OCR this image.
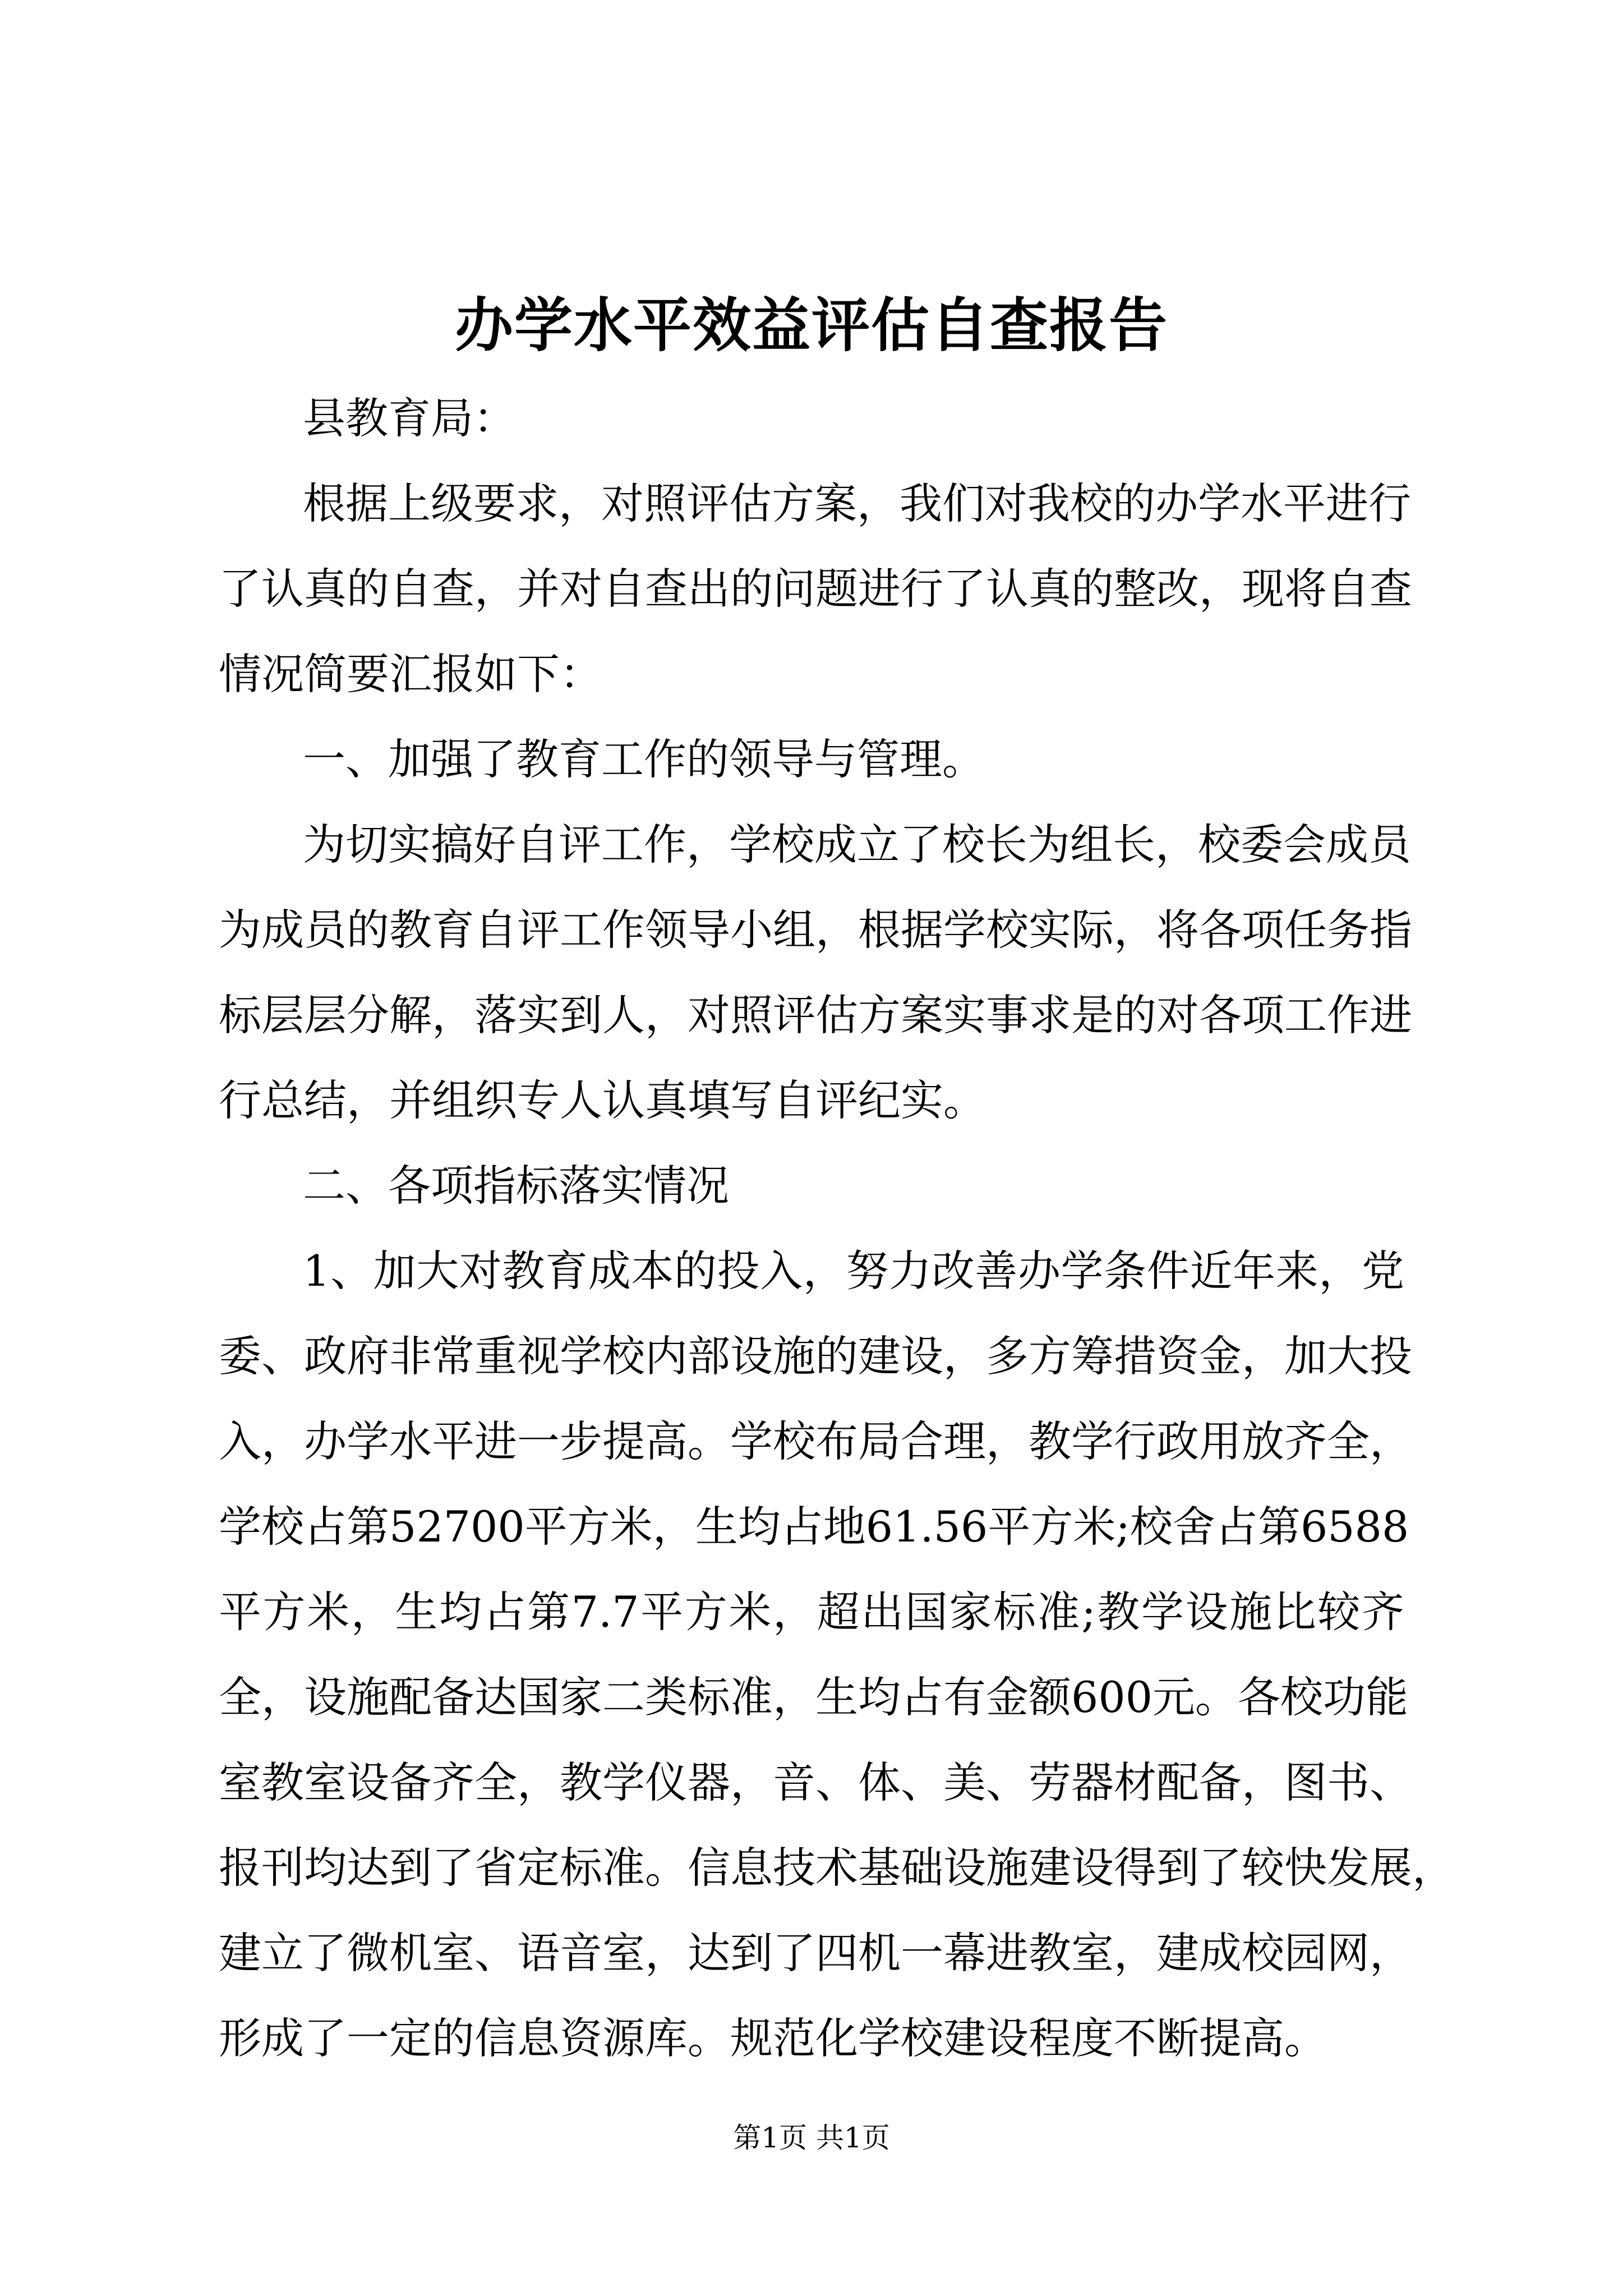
办学水平效益评估自查报告
县教育局：
根据上级要求，对照评估方案，我们对我校的办学水平进行
了认真的自查，并对自查出的问题进行了认真的整改，现将自查
情况简要汇报如下：
一、加强了教育工作的领导与管理。
为切实搞好自评工作，学校成立了校长为组长，校委会成员
为成员的教育自评工作领导小组，根据学校实际，将各项任务指
标层层分解，落实到人，对照评估方案实事求是的对各项工作进
行总结，并组织专人认真填写自评纪实。
二、各项指标落实情况
1、加大对教育成本的投入，努力改善办学条件近年来，党
委、政府非常重视学校内部设施的建设，多方筹措资金，加大投
入，办学水平进一步提高。学校布局合理，教学行政用放齐全，
学校占第52700平方米，生均占地61.56平方米;校舍占第6588
平方米，生均占第7.7平方米，超出国家标准;教学设施比较齐
全，设施配备达国家二类标准，生均占有金额600元。各校功能
室教室设备齐全，教学仪器，音、体、美、劳器材配备，图书、
报刊均达到了省定标准。信息技术基础设施建设得到了较快发展，
建立了微机室、语音室，达到了四机一幕进教室，建成校园网，
形成了一定的信息资源库。规范化学校建设程度不断提高。
第1页 共1页
